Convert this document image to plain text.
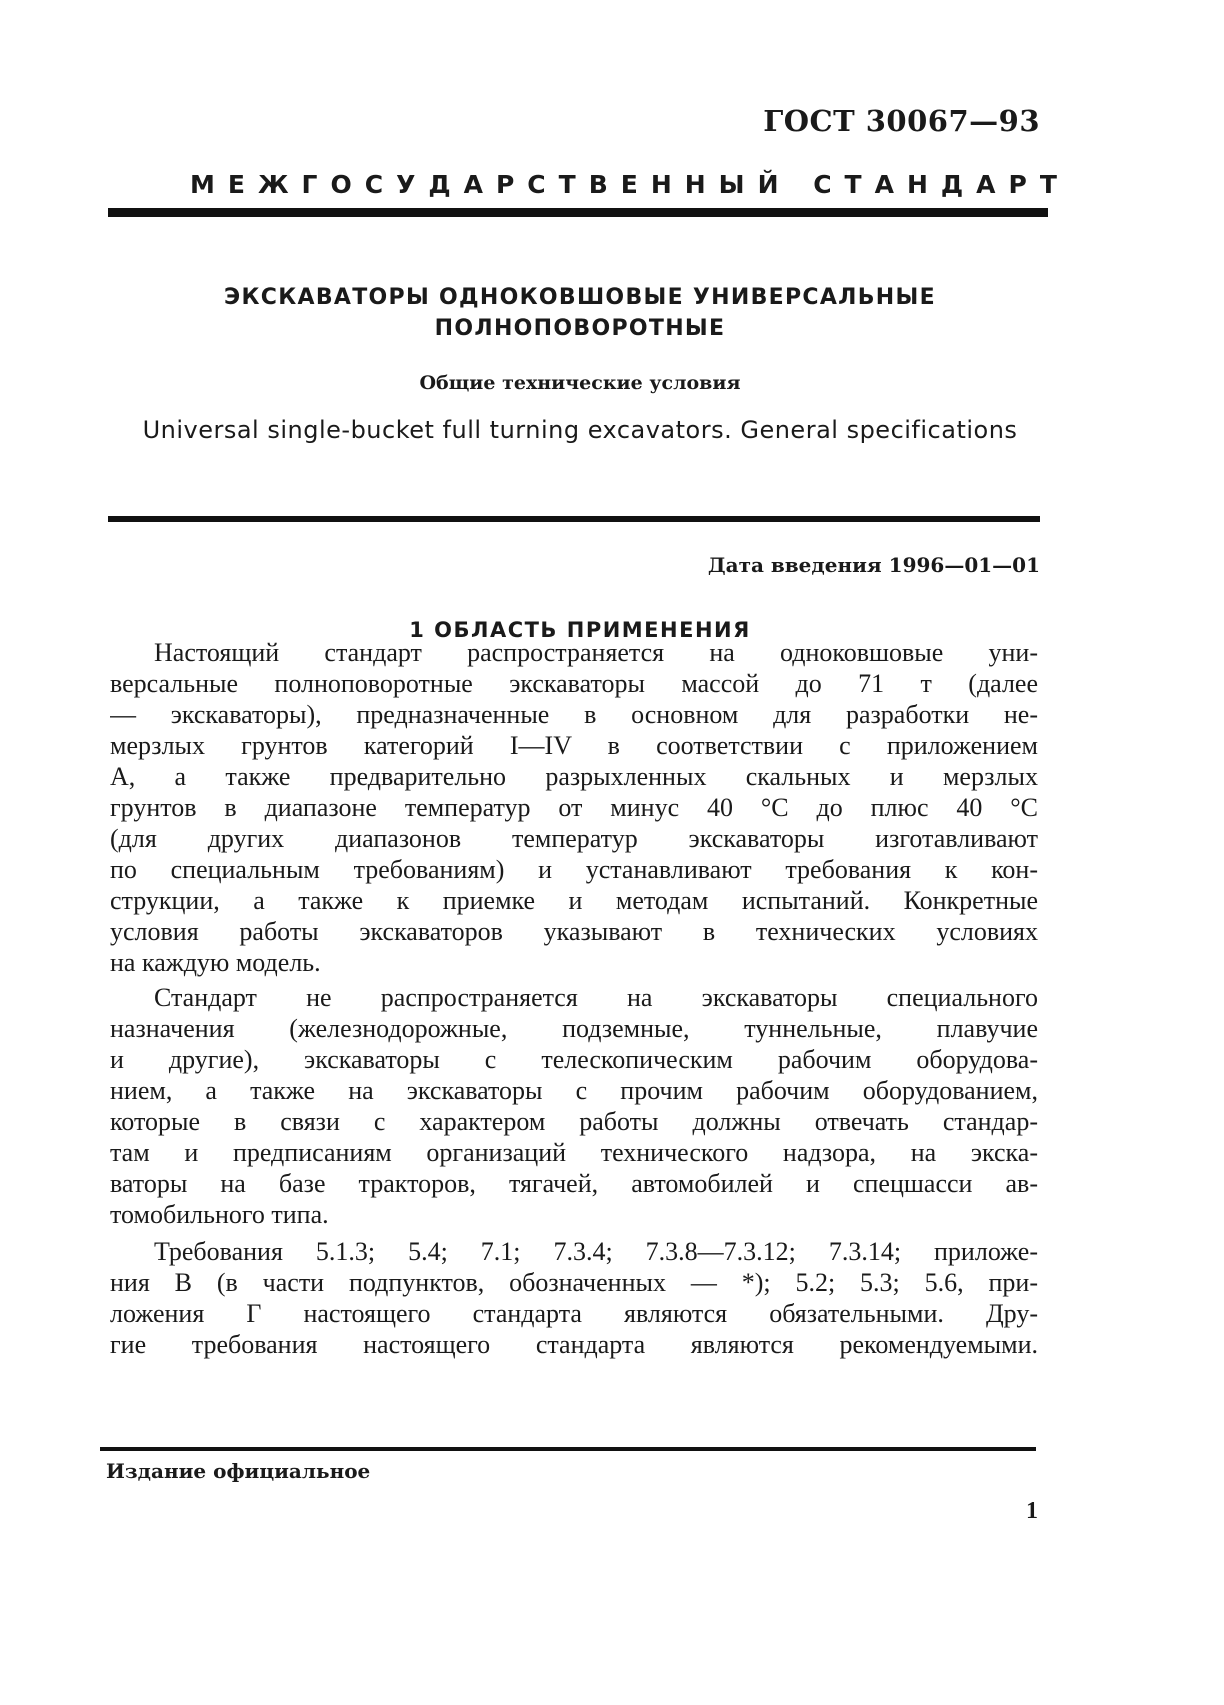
ГОСТ 30067—93
МЕЖГОСУДАРСТВЕННЫЙ СТАНДАРТ
ЭКСКАВАТОРЫ ОДНОКОВШОВЫЕ УНИВЕРСАЛЬНЫЕ
ПОЛНОПОВОРОТНЫЕ
Общие технические условия
Universal single-bucket full turning excavators. General specifications
Дата введения 1996—01—01
1 ОБЛАСТЬ ПРИМЕНЕНИЯ
Настоящий стандарт распространяется на одноковшовые уни-
версальные полноповоротные экскаваторы массой до 71 т (далее
— экскаваторы), предназначенные в основном для разработки не-
мерзлых грунтов категорий I—IV в соответствии с приложением
А, а также предварительно разрыхленных скальных и мерзлых
грунтов в диапазоне температур от минус 40 °С до плюс 40 °С
(для других диапазонов температур экскаваторы изготавливают
по специальным требованиям) и устанавливают требования к кон-
струкции, а также к приемке и методам испытаний. Конкретные
условия работы экскаваторов указывают в технических условиях
на каждую модель.
Стандарт не распространяется на экскаваторы специального
назначения (железнодорожные, подземные, туннельные, плавучие
и другие), экскаваторы с телескопическим рабочим оборудова-
нием, а также на экскаваторы с прочим рабочим оборудованием,
которые в связи с характером работы должны отвечать стандар-
там и предписаниям организаций технического надзора, на экска-
ваторы на базе тракторов, тягачей, автомобилей и спецшасси ав-
томобильного типа.
Требования 5.1.3; 5.4; 7.1; 7.3.4; 7.3.8—7.3.12; 7.3.14; приложе-
ния В (в части подпунктов, обозначенных — *); 5.2; 5.3; 5.6, при-
ложения Г настоящего стандарта являются обязательными. Дру-
гие требования настоящего стандарта являются рекомендуемыми.
Издание официальное
1
